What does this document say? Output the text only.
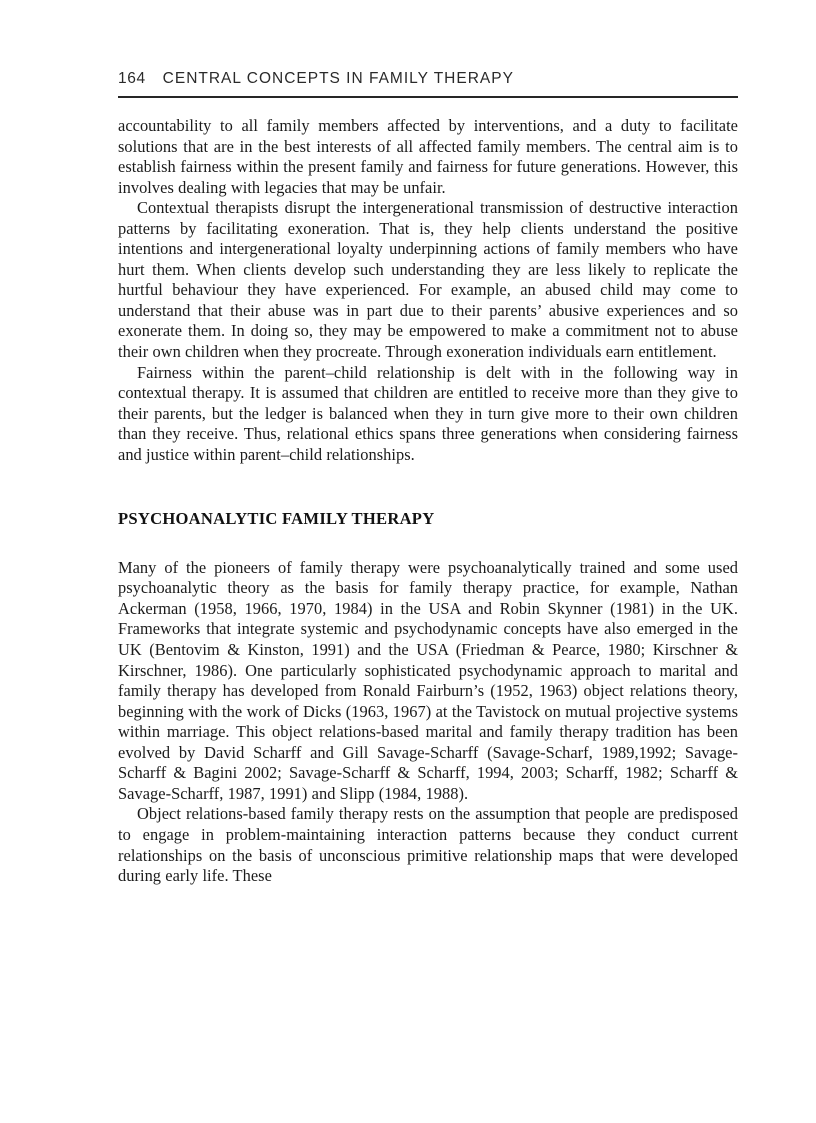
164 CENTRAL CONCEPTS IN FAMILY THERAPY

accountability to all family members affected by interventions, and a duty to facilitate solutions that are in the best interests of all affected family members. The central aim is to establish fairness within the present family and fairness for future generations. However, this involves dealing with legacies that may be unfair.

Contextual therapists disrupt the intergenerational transmission of destructive interaction patterns by facilitating exoneration. That is, they help clients understand the positive intentions and intergenerational loyalty underpinning actions of family members who have hurt them. When clients develop such understanding they are less likely to replicate the hurtful behaviour they have experienced. For example, an abused child may come to understand that their abuse was in part due to their parents’ abusive experiences and so exonerate them. In doing so, they may be empowered to make a commitment not to abuse their own children when they procreate. Through exoneration individuals earn entitlement.

Fairness within the parent–child relationship is delt with in the following way in contextual therapy. It is assumed that children are entitled to receive more than they give to their parents, but the ledger is balanced when they in turn give more to their own children than they receive. Thus, relational ethics spans three generations when considering fairness and justice within parent–child relationships.

PSYCHOANALYTIC FAMILY THERAPY

Many of the pioneers of family therapy were psychoanalytically trained and some used psychoanalytic theory as the basis for family therapy practice, for example, Nathan Ackerman (1958, 1966, 1970, 1984) in the USA and Robin Skynner (1981) in the UK. Frameworks that integrate systemic and psychodynamic concepts have also emerged in the UK (Bentovim & Kinston, 1991) and the USA (Friedman & Pearce, 1980; Kirschner & Kirschner, 1986). One particularly sophisticated psychodynamic approach to marital and family therapy has developed from Ronald Fairburn’s (1952, 1963) object relations theory, beginning with the work of Dicks (1963, 1967) at the Tavistock on mutual projective systems within marriage. This object relations-based marital and family therapy tradition has been evolved by David Scharff and Gill Savage-Scharff (Savage-Scharf, 1989,1992; Savage-Scharff & Bagini 2002; Savage-Scharff & Scharff, 1994, 2003; Scharff, 1982; Scharff & Savage-Scharff, 1987, 1991) and Slipp (1984, 1988).

Object relations-based family therapy rests on the assumption that people are predisposed to engage in problem-maintaining interaction patterns because they conduct current relationships on the basis of unconscious primitive relationship maps that were developed during early life. These
